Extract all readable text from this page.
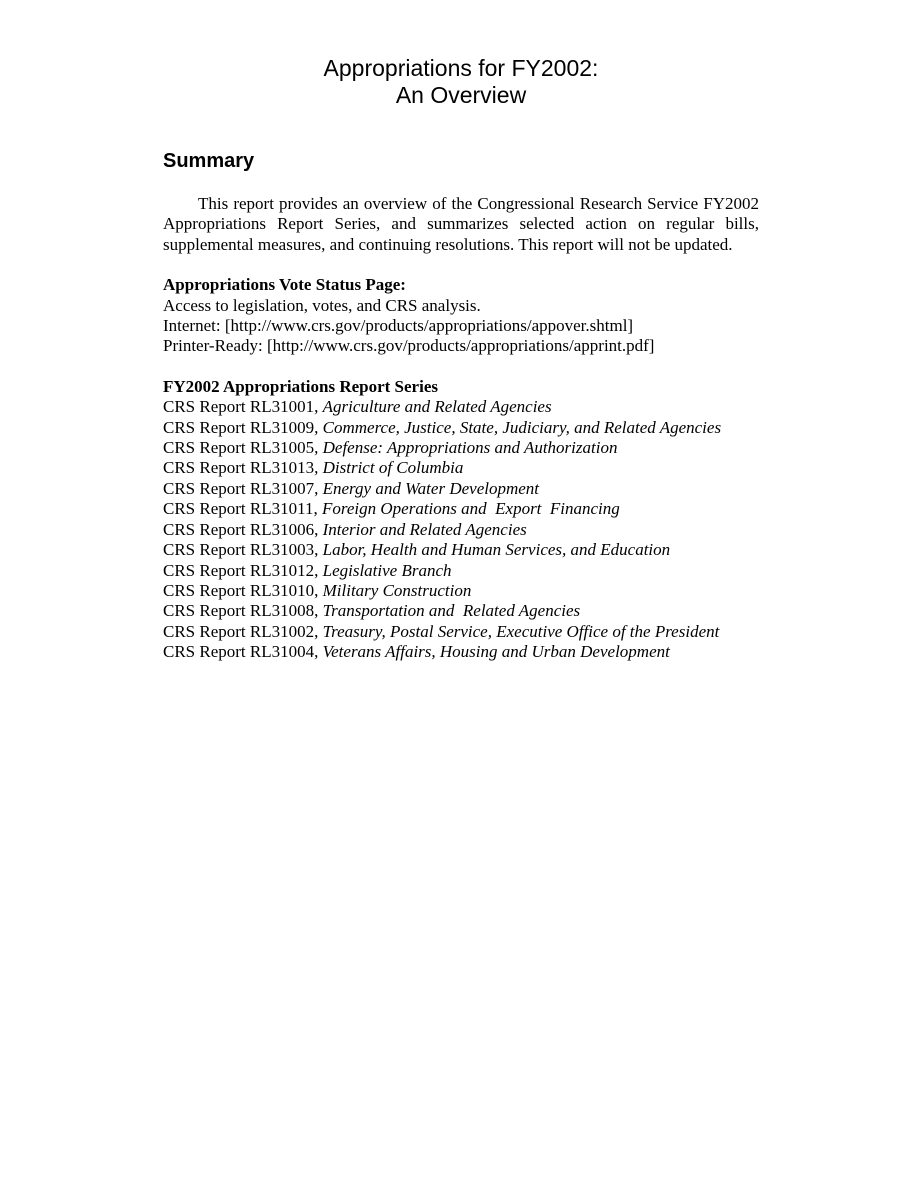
Appropriations for FY2002:
An Overview
Summary

This report provides an overview of the Congressional Research Service FY2002 Appropriations Report Series, and summarizes selected action on regular bills, supplemental measures, and continuing resolutions. This report will not be updated.

Appropriations Vote Status Page:
Access to legislation, votes, and CRS analysis.
Internet: [http://www.crs.gov/products/appropriations/appover.shtml]
Printer-Ready: [http://www.crs.gov/products/appropriations/apprint.pdf]
FY2002 Appropriations Report Series
CRS Report RL31001, Agriculture and Related Agencies
CRS Report RL31009, Commerce, Justice, State, Judiciary, and Related Agencies
CRS Report RL31005, Defense: Appropriations and Authorization
CRS Report RL31013, District of Columbia
CRS Report RL31007, Energy and Water Development
CRS Report RL31011, Foreign Operations and  Export  Financing
CRS Report RL31006, Interior and Related Agencies
CRS Report RL31003, Labor, Health and Human Services, and Education
CRS Report RL31012, Legislative Branch
CRS Report RL31010, Military Construction
CRS Report RL31008, Transportation and  Related Agencies
CRS Report RL31002, Treasury, Postal Service, Executive Office of the President
CRS Report RL31004, Veterans Affairs, Housing and Urban Development
